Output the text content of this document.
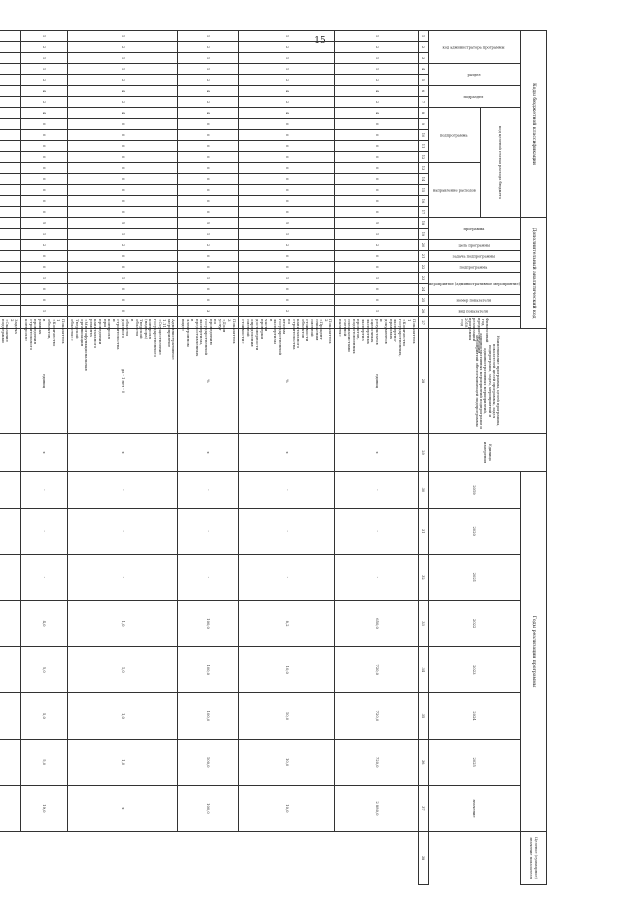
15
Коды бюджетной классификации																	Дополнительный аналитический код										Наименование программы, целей программы, показателей целей программы, задач подпрограмм, задач, мероприятий и административных мероприятий, административных мероприятий подпрограмм и мероприятий обеспечивающей подпрограммы	Единица измерения	Годы реализации программы								Целевое (суммарное) значение показателя
код администратора программы			раздел		подраздел		код целевой статьи расхода бюджета										программа		цель программы	задача подпрограммы	подпрограмма	мероприятие (административное мероприятие)		номер показателя	вид показателя	Финансовый год, предшествующий реализации программы 2018 год			2019	2020	2021	2022	2023	2024	2025	значение	
							подпрограмма					направление расходов																									
1	2	3	4	5	6	7	8	9	10	11	12	13	14	15	16	17	18	19	20	21	22	23	24	25	26	27	28	29	30	31	32	33	34	35	36	37	38
1	2	1	1	2	4	2	4	0	0	0	0	0	0	0	0	0	5	1	2	0	0	1	0	0	1	Показатель 1 «Количество государственных, экспертно-правовых документов и результатов оценочных экспертных экспертиз проектов, подготовленных специалистами счетной палаты»	единиц	х	-	-	-	650,0	720,0	720,0	720,0	2 880,0	
1	2	1	1	2	4	2	4	0	0	0	0	0	0	0	0	0	5	1	2	0	0	1	0	0	2	Показатель 2 «Процент снижения сметной стоимости объектов капитального строительства по итогам государственной экспертизы в части проверки достоверности определения сметной стоимости»	%	х	-	-	-	8,2	10,0	10,0	10,0	10,0	
1	2	1	1	2	4	2	4	0	0	0	0	0	0	0	0	0	5	1	2	0	0	1	0	0	3	Показатель 3 «Доля услуг по проведению государственной экспертизы, предоставленных в электронном виде»	%	х	-	-	-	100,0	100,0	100,0	100,0	100,0	
1	2	1	1	2	4	2	4	0	0	0	0	0	0	0	0	0	5	1	2	0	0	1	0	0	0	Административное мероприятие 1.11 «Осуществление государственного контроля (надзора) Тверской области в области долевого строительства и контроля при проведении капитального ремонта «Многофункциональная организация Тверской области»»	да - 1 нет - 0	х	-	-	-	1,0	1,0	1,0	1,0	х	
1	2	1	1	2	4	2	4	0	0	0	0	0	0	0	0	0	5	1	2	0	0	1	0	0	1	Показатель 1 «Количество объектов, в рамках проведения строительного контроля»	единиц	х	-	-	-	4,0	5,0	5,0	5,0	19,0	
																										Задача 2 «Оказание поддержки										
